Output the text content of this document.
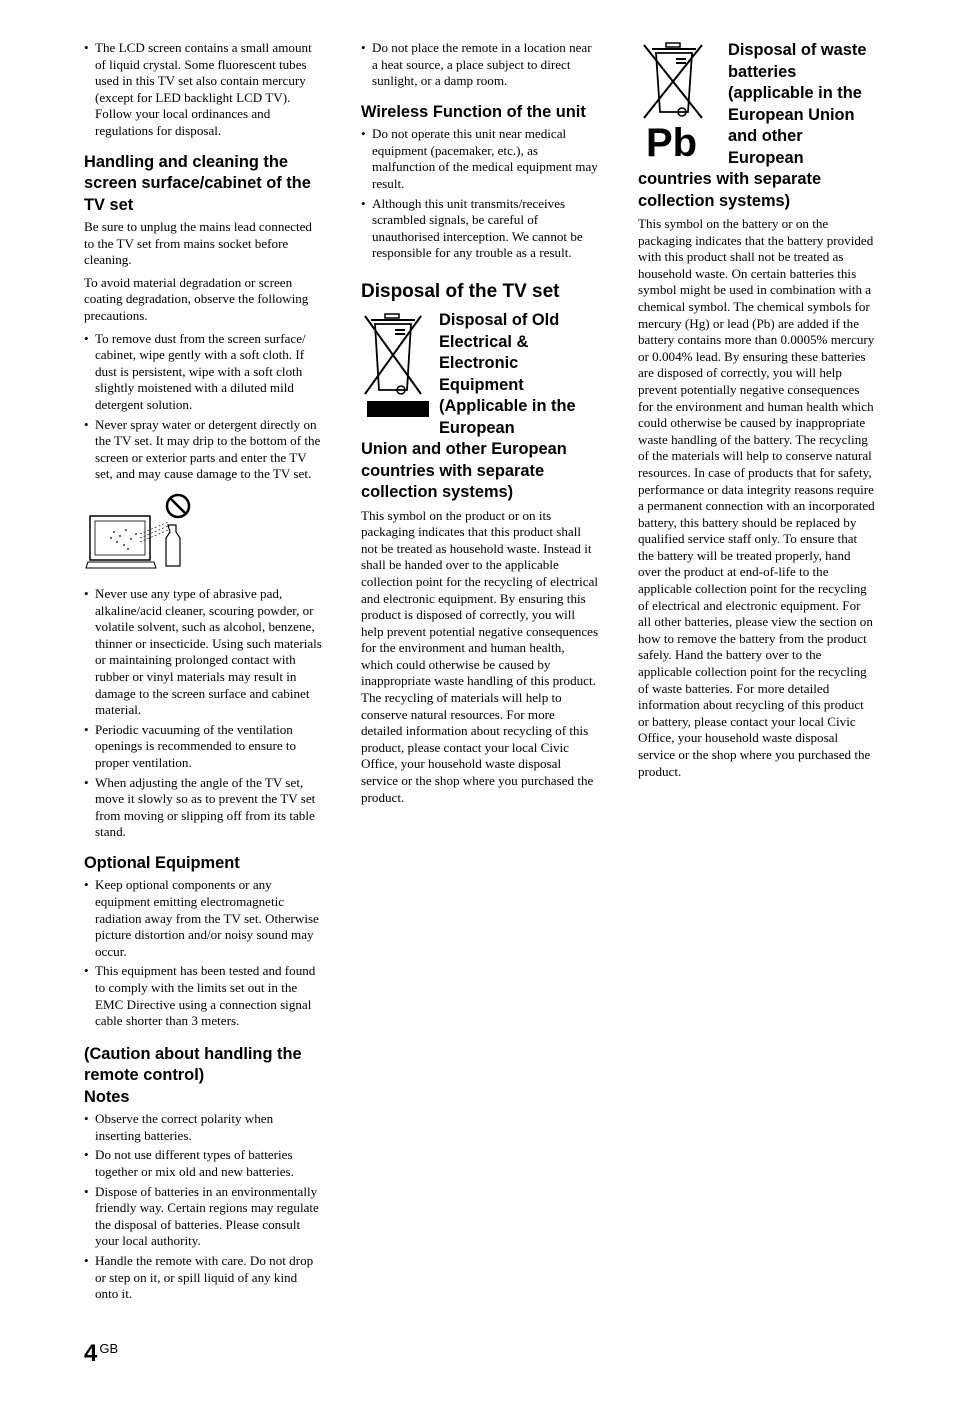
• The LCD screen contains a small amount of liquid crystal. Some fluorescent tubes used in this TV set also contain mercury (except for LED backlight LCD TV). Follow your local ordinances and regulations for disposal.
Handling and cleaning the screen surface/cabinet of the TV set

Be sure to unplug the mains lead connected to the TV set from mains socket before cleaning.

To avoid material degradation or screen coating degradation, observe the following precautions.

• To remove dust from the screen surface/ cabinet, wipe gently with a soft cloth. If dust is persistent, wipe with a soft cloth slightly moistened with a diluted mild detergent solution.
• Never spray water or detergent directly on the TV set. It may drip to the bottom of the screen or exterior parts and enter the TV set, and may cause damage to the TV set.
• Never use any type of abrasive pad, alkaline/acid cleaner, scouring powder, or volatile solvent, such as alcohol, benzene, thinner or insecticide. Using such materials or maintaining prolonged contact with rubber or vinyl materials may result in damage to the screen surface and cabinet material.
• Periodic vacuuming of the ventilation openings is recommended to ensure to proper ventilation.
• When adjusting the angle of the TV set, move it slowly so as to prevent the TV set from moving or slipping off from its table stand.
Optional Equipment
• Keep optional components or any equipment emitting electromagnetic radiation away from the TV set. Otherwise picture distortion and/or noisy sound may occur.
• This equipment has been tested and found to comply with the limits set out in the EMC Directive using a connection signal cable shorter than 3 meters.
(Caution about handling the remote control)
Notes
• Observe the correct polarity when inserting batteries.
• Do not use different types of batteries together or mix old and new batteries.
• Dispose of batteries in an environmentally friendly way. Certain regions may regulate the disposal of batteries. Please consult your local authority.
• Handle the remote with care. Do not drop or step on it, or spill liquid of any kind onto it.
• Do not place the remote in a location near a heat source, a place subject to direct sunlight, or a damp room.
Wireless Function of the unit
• Do not operate this unit near medical equipment (pacemaker, etc.), as malfunction of the medical equipment may result.
• Although this unit transmits/receives scrambled signals, be careful of unauthorised interception. We cannot be responsible for any trouble as a result.
Disposal of the TV set
Disposal of Old Electrical & Electronic Equipment (Applicable in the European
Union and other European countries with separate collection systems)

This symbol on the product or on its packaging indicates that this product shall not be treated as household waste. Instead it shall be handed over to the applicable collection point for the recycling of electrical and electronic equipment. By ensuring this product is disposed of correctly, you will help prevent potential negative consequences for the environment and human health, which could otherwise be caused by inappropriate waste handling of this product. The recycling of materials will help to conserve natural resources. For more detailed information about recycling of this product, please contact your local Civic Office, your household waste disposal service or the shop where you purchased the product.

Pb
Disposal of waste batteries (applicable in the European Union and other European
countries with separate collection systems)

This symbol on the battery or on the packaging indicates that the battery provided with this product shall not be treated as household waste. On certain batteries this symbol might be used in combination with a chemical symbol. The chemical symbols for mercury (Hg) or lead (Pb) are added if the battery contains more than 0.0005% mercury or 0.004% lead. By ensuring these batteries are disposed of correctly, you will help prevent potentially negative consequences for the environment and human health which could otherwise be caused by inappropriate waste handling of the battery. The recycling of the materials will help to conserve natural resources. In case of products that for safety, performance or data integrity reasons require a permanent connection with an incorporated battery, this battery should be replaced by qualified service staff only. To ensure that the battery will be treated properly, hand over the product at end-of-life to the applicable collection point for the recycling of electrical and electronic equipment. For all other batteries, please view the section on how to remove the battery from the product safely. Hand the battery over to the applicable collection point for the recycling of waste batteries. For more detailed information about recycling of this product or battery, please contact your local Civic Office, your household waste disposal service or the shop where you purchased the product.

4 $^{GB}$
